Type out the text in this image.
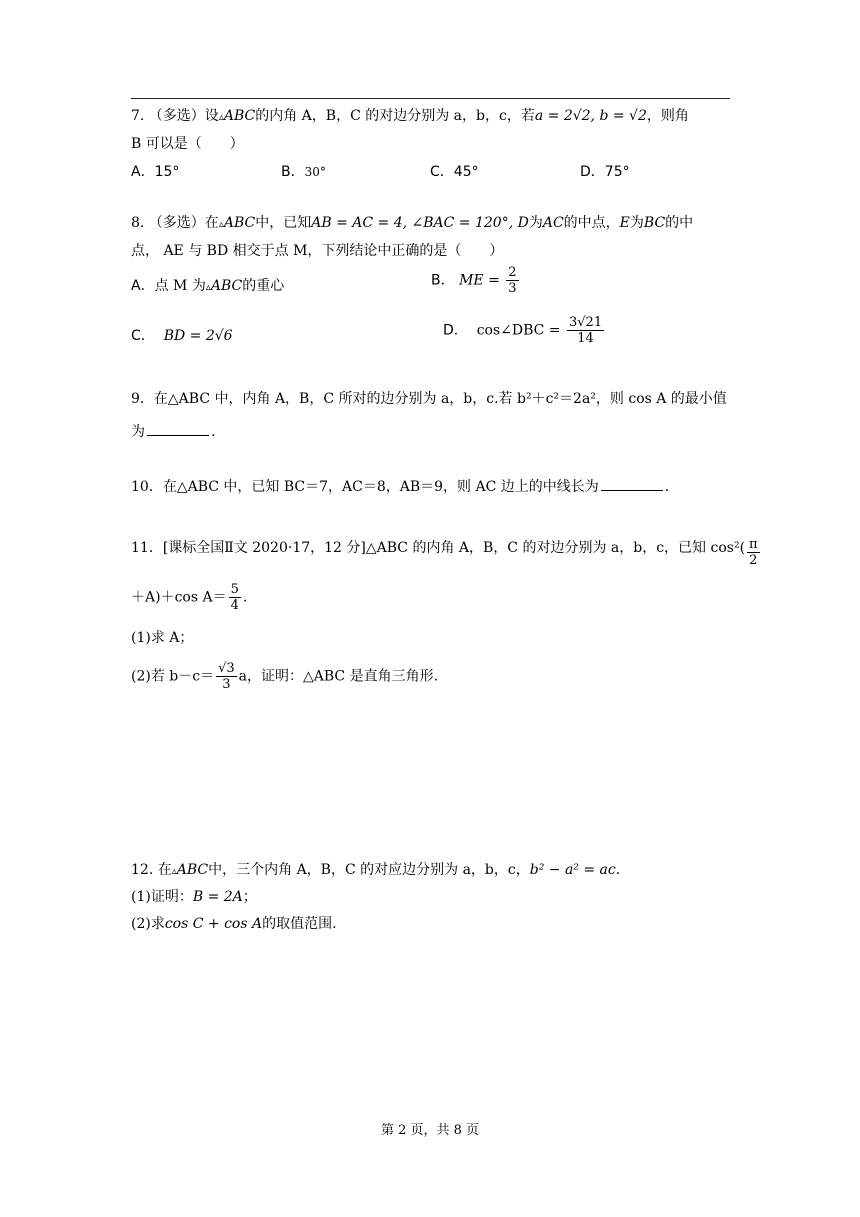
7. （多选）设▵ABC的内角 A，B，C 的对边分别为 a，b，c，若a = 2√2, b = √2，则角
B 可以是（　　）
A．15°	B．30°	C．45°	D．75°
8. （多选）在▵ABC中，已知AB = AC = 4, ∠BAC = 120°, D为AC的中点，E为BC的中
点， AE 与 BD 相交于点 M，下列结论中正确的是（　　）
A．点 M 为▵ABC的重心	B． ME = $\frac{2}{3}$
C． BD = 2√6	D． cos∠DBC = $\frac{3√21}{14}$
9．在△ABC 中，内角 A，B，C 所对的边分别为 a，b，c.若 b²＋c²＝2a²，则 cos A 的最小值
为	.
10．在△ABC 中，已知 BC＝7，AC＝8，AB＝9，则 AC 边上的中线长为	.
11．[课标全国Ⅱ文 2020·17，12 分]△ABC 的内角 A，B，C 的对边分别为 a，b，c，已知 $\cos^2( \frac{\pi}{2}$
＋A)＋cos $A= \frac{5}{4}$ .
(1)求 A；
(2)若 $b-c= \frac{√3}{3}$ a，证明：△ABC 是直角三角形.
12. 在▵ABC中，三个内角 A，B，C 的对应边分别为 a，b，c，b² − a² = ac.
(1)证明：B = 2A；
(2)求cos C + cos A的取值范围.
第 2 页，共 8 页
